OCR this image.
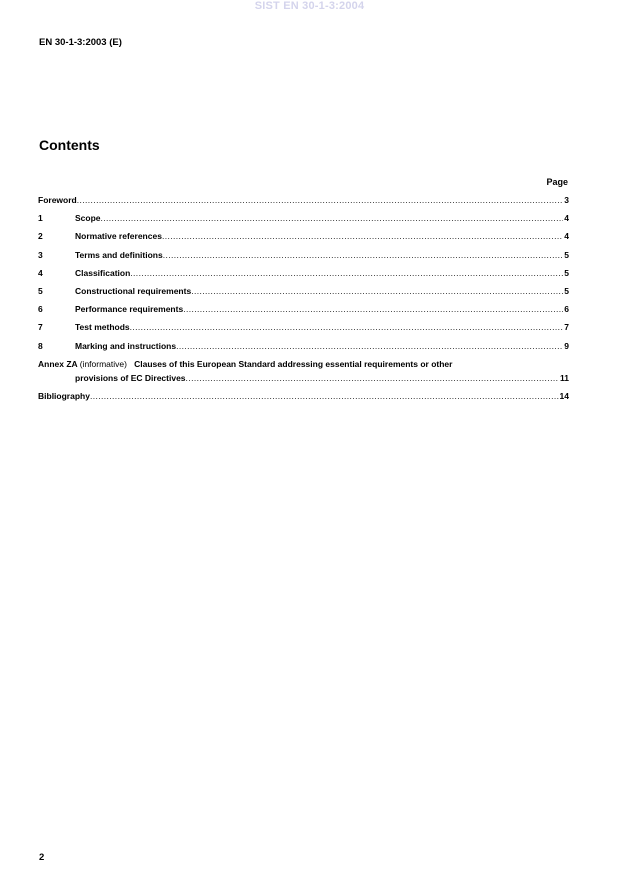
SIST EN 30-1-3:2004
EN 30-1-3:2003 (E)
Contents
Page
Foreword .....	3
1	Scope .....	4
2	Normative references .....	4
3	Terms and definitions .....	5
4	Classification .....	5
5	Constructional requirements .....	5
6	Performance requirements .....	6
7	Test methods .....	7
8	Marking and instructions .....	9
Annex ZA (informative) Clauses of this European Standard addressing essential requirements or other
provisions of EC Directives .....	11
Bibliography .....	14
2
